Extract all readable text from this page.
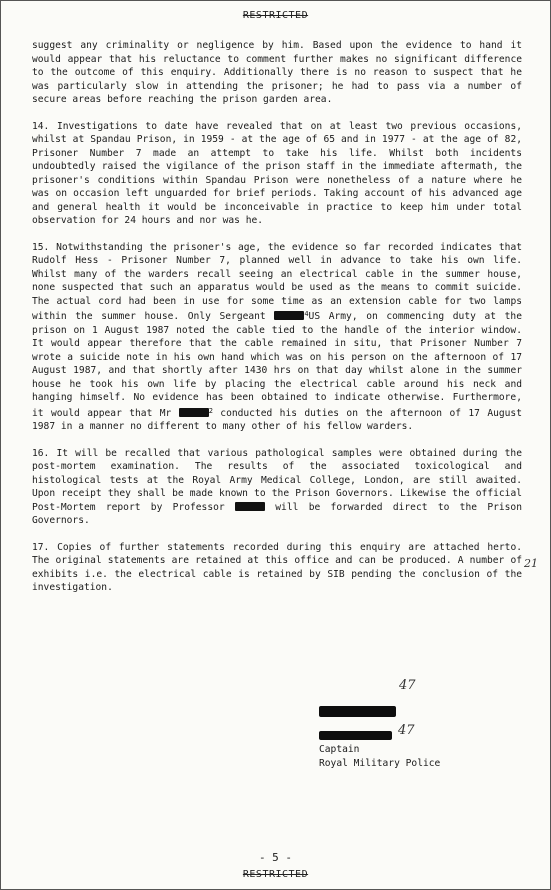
RESTRICTED

suggest any criminality or negligence by him. Based upon the evidence to hand it would appear that his reluctance to comment further makes no significant difference to the outcome of this enquiry. Additionally there is no reason to suspect that he was particularly slow in attending the prisoner; he had to pass via a number of secure areas before reaching the prison garden area.

14. Investigations to date have revealed that on at least two previous occasions, whilst at Spandau Prison, in 1959 - at the age of 65 and in 1977 - at the age of 82, Prisoner Number 7 made an attempt to take his life. Whilst both incidents undoubtedly raised the vigilance of the prison staff in the immediate aftermath, the prisoner's conditions within Spandau Prison were nonetheless of a nature where he was on occasion left unguarded for brief periods. Taking account of his advanced age and general health it would be inconceivable in practice to keep him under total observation for 24 hours and nor was he.

15. Notwithstanding the prisoner's age, the evidence so far recorded indicates that Rudolf Hess - Prisoner Number 7, planned well in advance to take his own life. Whilst many of the warders recall seeing an electrical cable in the summer house, none suspected that such an apparatus would be used as the means to commit suicide. The actual cord had been in use for some time as an extension cable for two lamps within the summer house. Only Sergeant	$^4$US Army, on commencing duty at the prison on 1 August 1987 noted the cable tied to the handle of the interior window. It would appear therefore that the cable remained in situ, that Prisoner Number 7 wrote a suicide note in his own hand which was on his person on the afternoon of 17 August 1987, and that shortly after 1430 hrs on that day whilst alone in the summer house he took his own life by placing the electrical cable around his neck and hanging himself. No evidence has been obtained to indicate otherwise. Furthermore, it would appear that Mr	$^2$ conducted his duties on the afternoon of 17 August 1987 in a manner no different to many other of his fellow warders.

16. It will be recalled that various pathological samples were obtained during the post-mortem examination. The results of the associated toxicological and histological tests at the Royal Army Medical College, London, are still awaited. Upon receipt they shall be made known to the Prison Governors. Likewise the official Post-Mortem report by Professor	will be forwarded direct to the Prison Governors.

17. Copies of further statements recorded during this enquiry are attached herto. The original statements are retained at this office and can be produced. A number of exhibits i.e. the electrical cable is retained by SIB pending the conclusion of the investigation.

21
47
47
Captain
Royal Military Police
- 5 -
RESTRICTED
